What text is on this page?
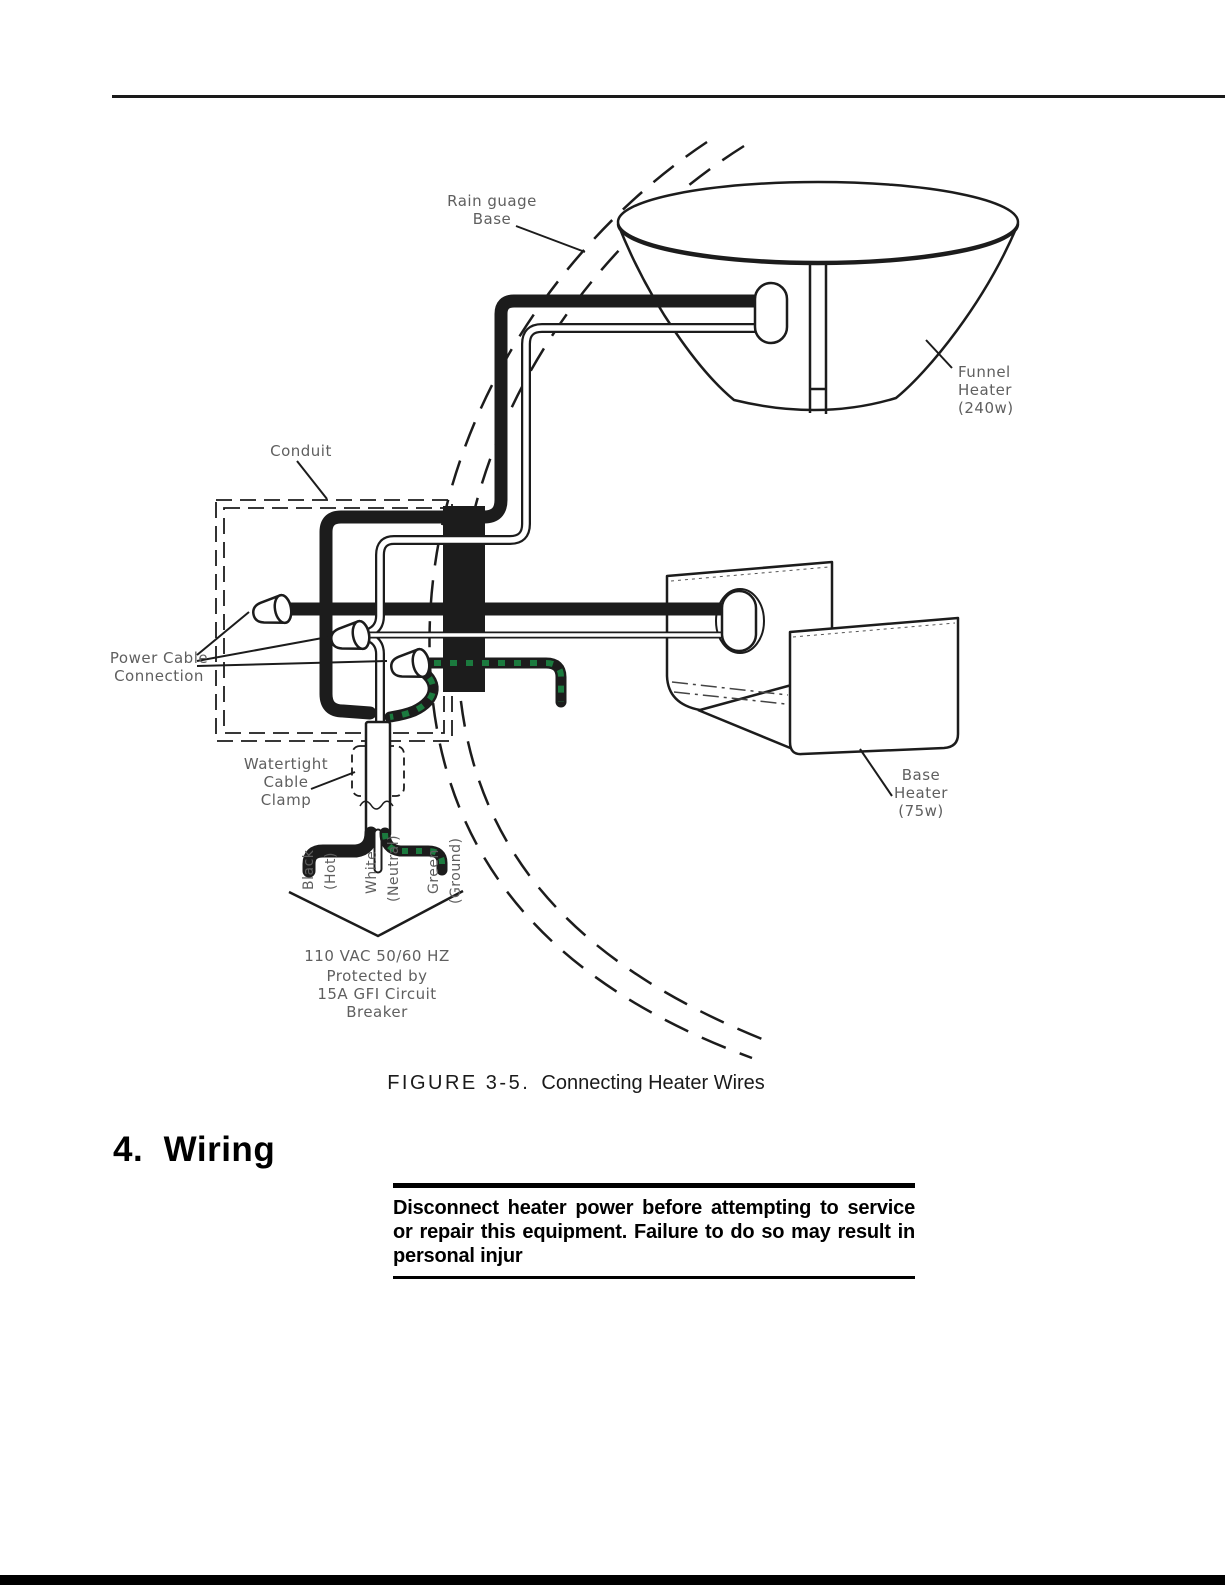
Rain guage
Base
Funnel
Heater
(240w)
Conduit
Power Cable
Connection
Watertight
Cable
Clamp
Base
Heater
(75w)
Black (Hot) White (Neutral) Green (Ground)
110 VAC 50/60 HZ
Protected by
15A GFI Circuit
Breaker
FIGURE 3-5.  Connecting Heater Wires
4.  Wiring
Disconnect heater power before attempting to service
or repair this equipment. Failure to do so may result in
personal injur
